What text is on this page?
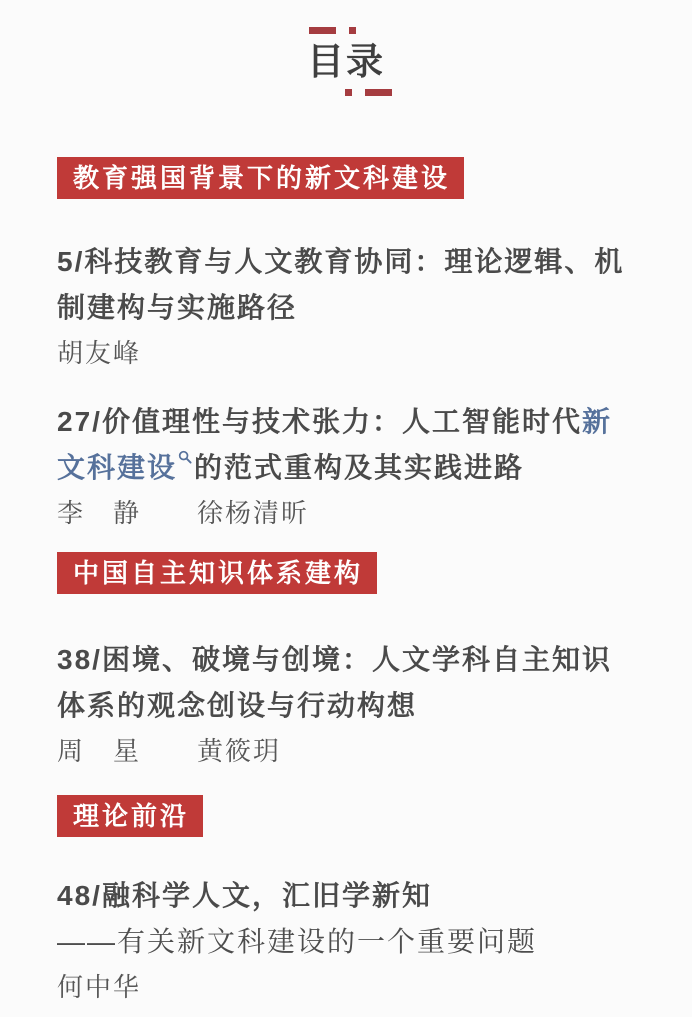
目录
教育强国背景下的新文科建设

5/科技教育与人文教育协同：理论逻辑、机
制建构与实施路径

胡友峰

27/价值理性与技术张力：人工智能时代新
文科建设 的范式重构及其实践进路

李　静　　徐杨清昕

中国自主知识体系建构

38/困境、破境与创境：人文学科自主知识
体系的观念创设与行动构想

周　星　　黄筱玥

理论前沿

48/融科学人文，汇旧学新知
——有关新文科建设的一个重要问题

何中华
